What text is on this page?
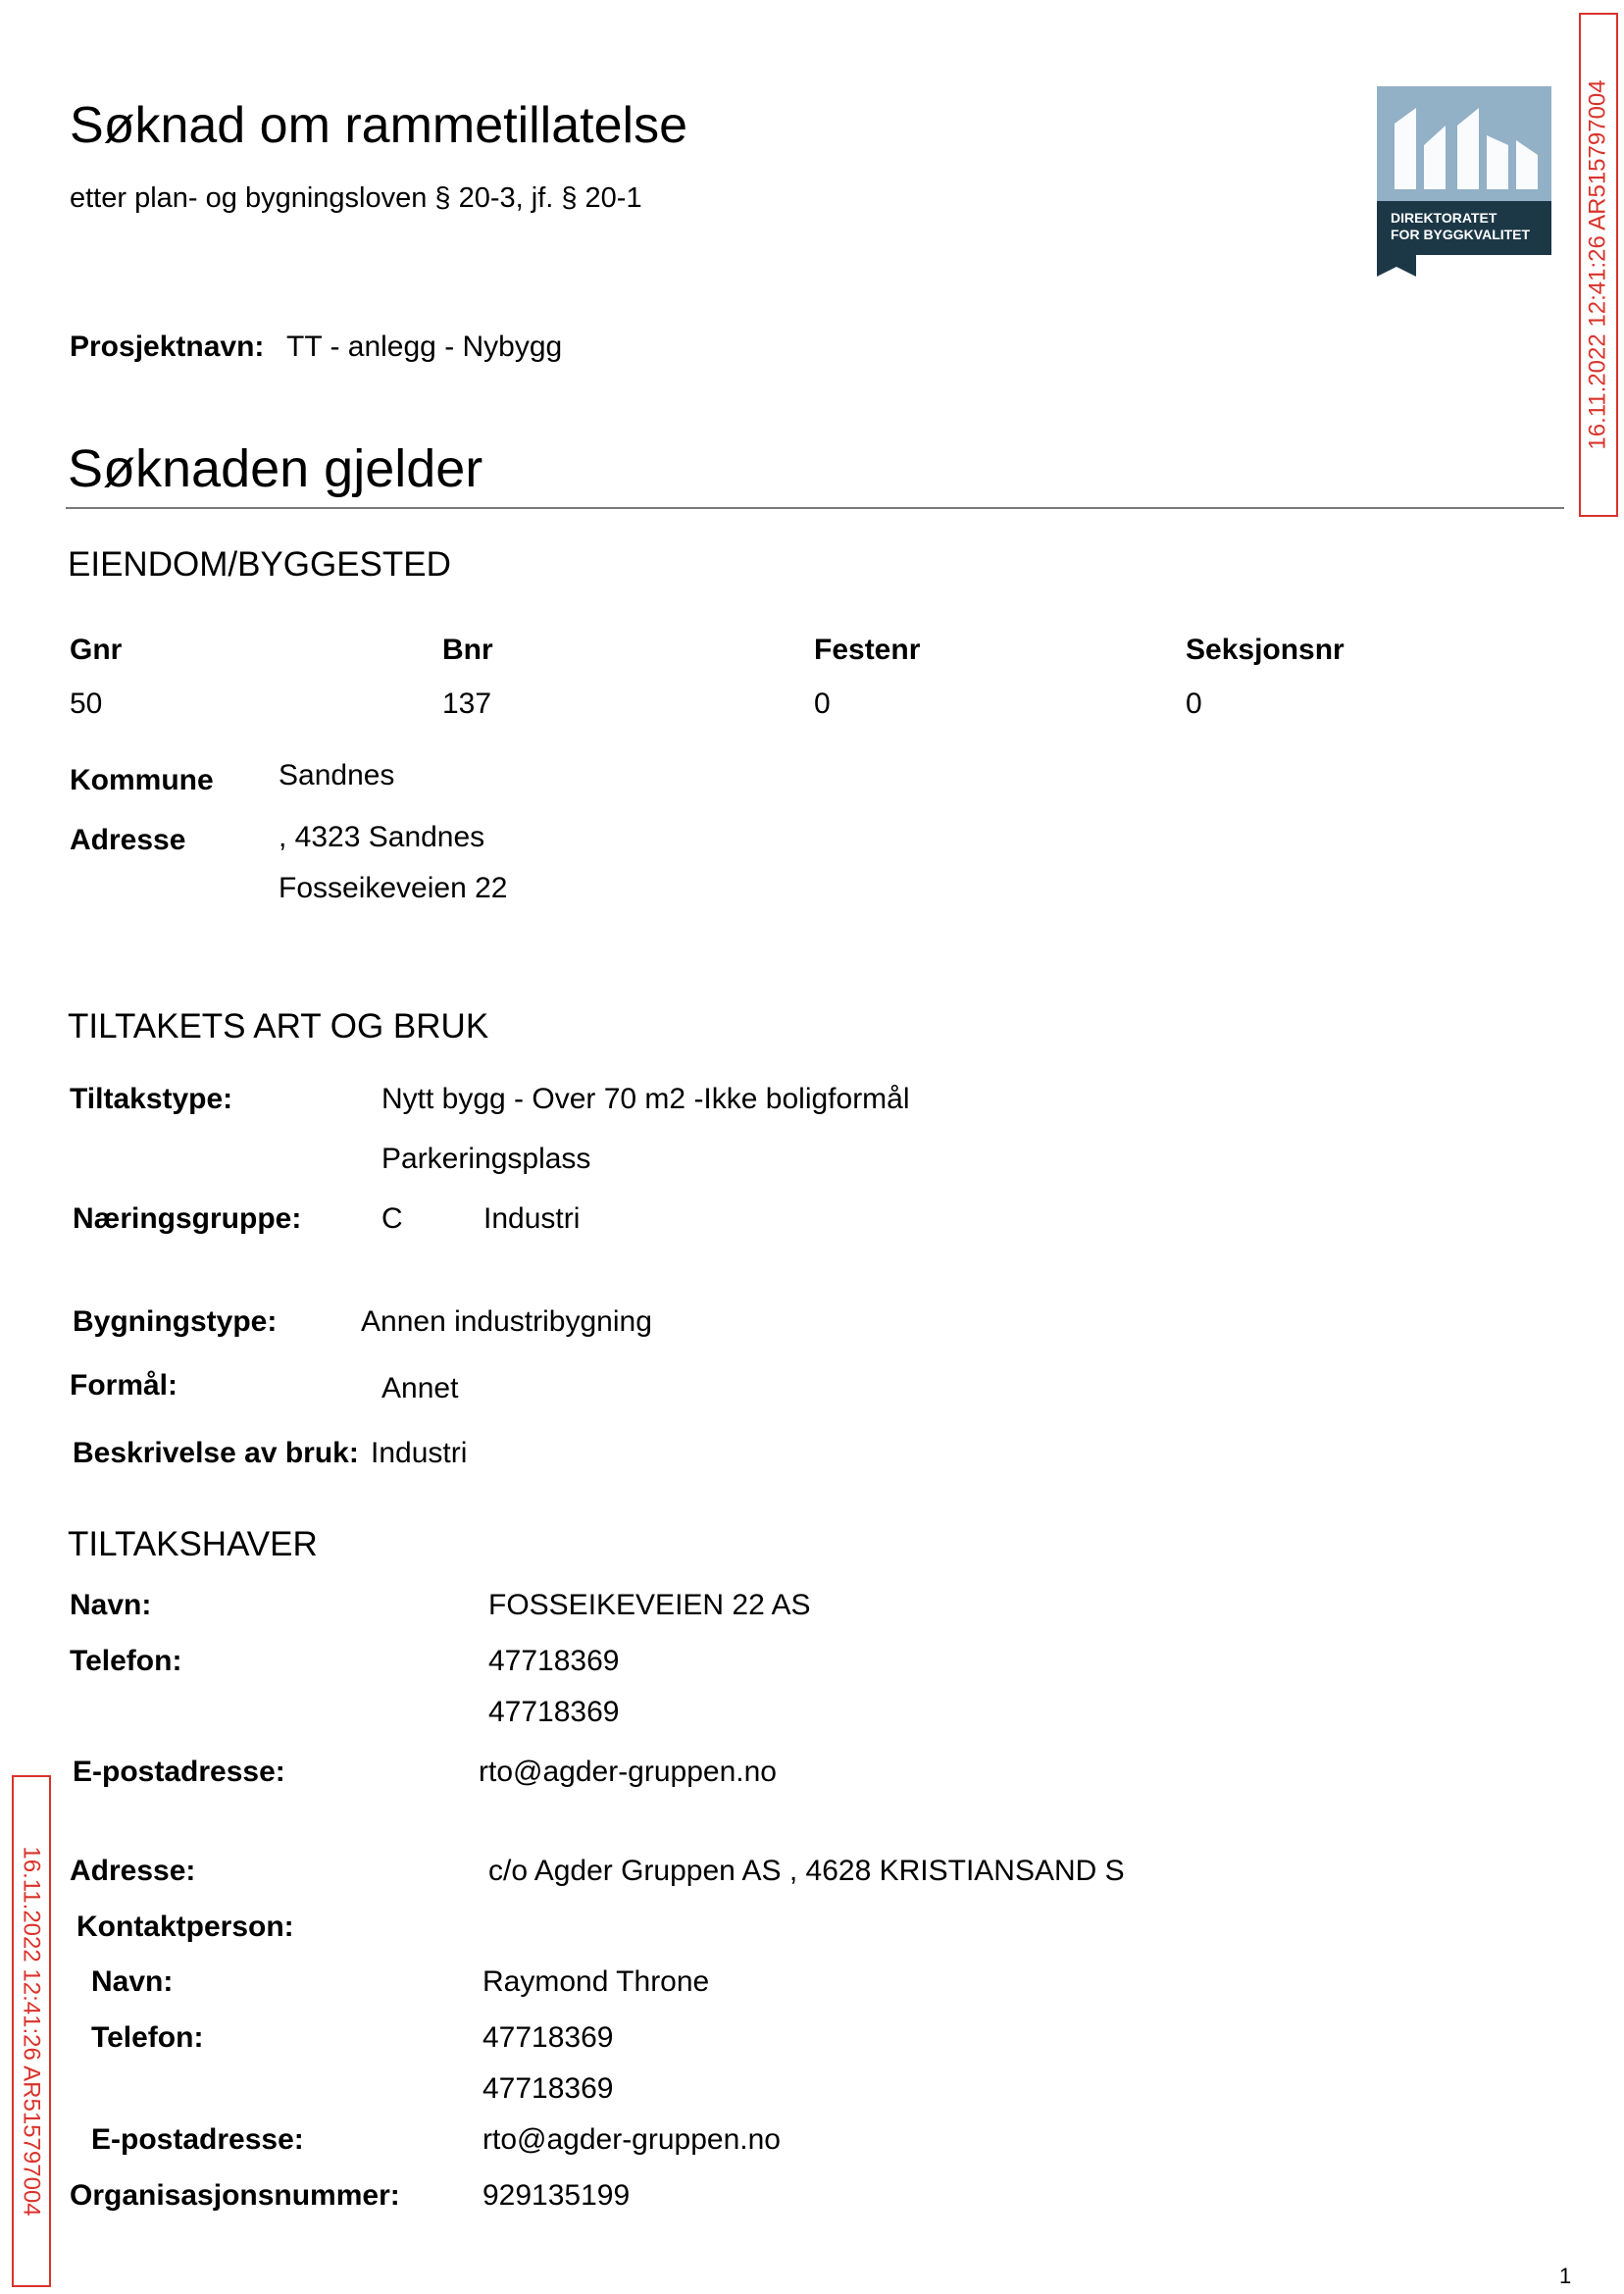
Søknad om rammetillatelse
etter plan- og bygningsloven § 20-3, jf. § 20-1
DIREKTORATET
FOR BYGGKVALITET 16.11.2022 12:41:26 AR515797004
16.11.2022 12:41:26 AR515797004
Prosjektnavn: TT - anlegg - Nybygg
Søknaden gjelder
EIENDOM/BYGGESTED
Gnr	Bnr	Festenr	Seksjonsnr
50	137	0	0
Kommune Sandnes
Adresse	, 4323 Sandnes
Fosseikeveien 22
TILTAKETS ART OG BRUK
Tiltakstype:	Nytt bygg - Over 70 m2 -Ikke boligformål
Parkeringsplass
Næringsgruppe:	C	Industri
Bygningstype:	Annen industribygning
Formål:	Annet
Beskrivelse av bruk: Industri
TILTAKSHAVER
Navn:	FOSSEIKEVEIEN 22 AS
Telefon:	47718369
47718369
E-postadresse:	rto@agder-gruppen.no
Adresse:	c/o Agder Gruppen AS , 4628 KRISTIANSAND S
Kontaktperson:
Navn:	Raymond Throne
Telefon:	47718369
47718369
E-postadresse:	rto@agder-gruppen.no
Organisasjonsnummer:	929135199
1
